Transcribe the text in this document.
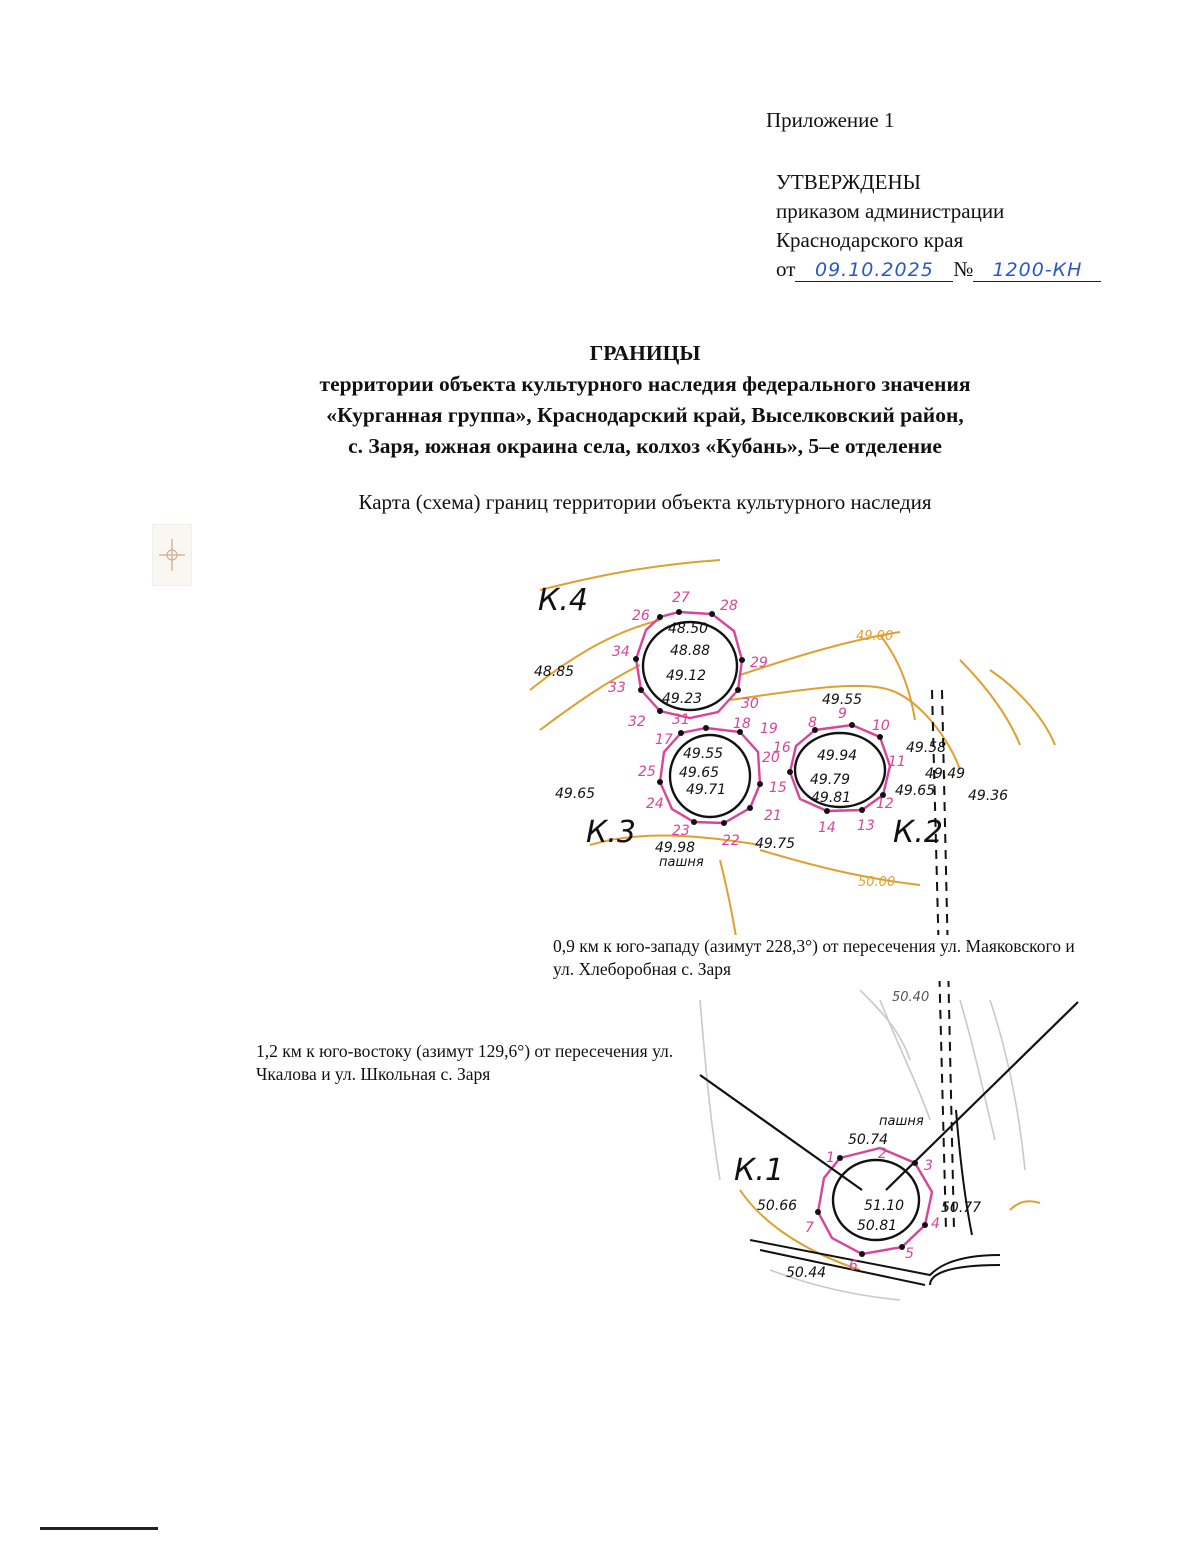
Приложение 1
УТВЕРЖДЕНЫ
приказом администрации
Краснодарского края
от 09.10.2025 № 1200-КН
ГРАНИЦЫ
территории объекта культурного наследия федерального значения
«Курганная группа», Краснодарский край, Выселковский район,
с. Заря, южная окраина села, колхоз «Кубань», 5–е отделение
Карта (схема) границ территории объекта культурного наследия
К.4
К.3	К.2
К.1
пашня
пашня
49.00
50.00
50.40
48.50
48.88
49.12
49.23
48.85
49.55
49.65
49.71
49.55
49.94
49.79
49.81
49.58
49.49
49.65 49.36
49.65
49.98	49.75
50.74
51.10
50.81
50.66	50.77
50.44
1	2
3
4
5
6
7
8
9
10
11
12
13
14
15
16
17
18 19
20
21
22
23
24
25
26
27 28
29
30
31
32
33
34
0,9 км к юго-западу (азимут 228,3°) от пересечения ул. Маяковского и ул. Хлеборобная с. Заря
1,2 км к юго-востоку (азимут 129,6°) от пересечения ул. Чкалова и ул. Школьная с. Заря
